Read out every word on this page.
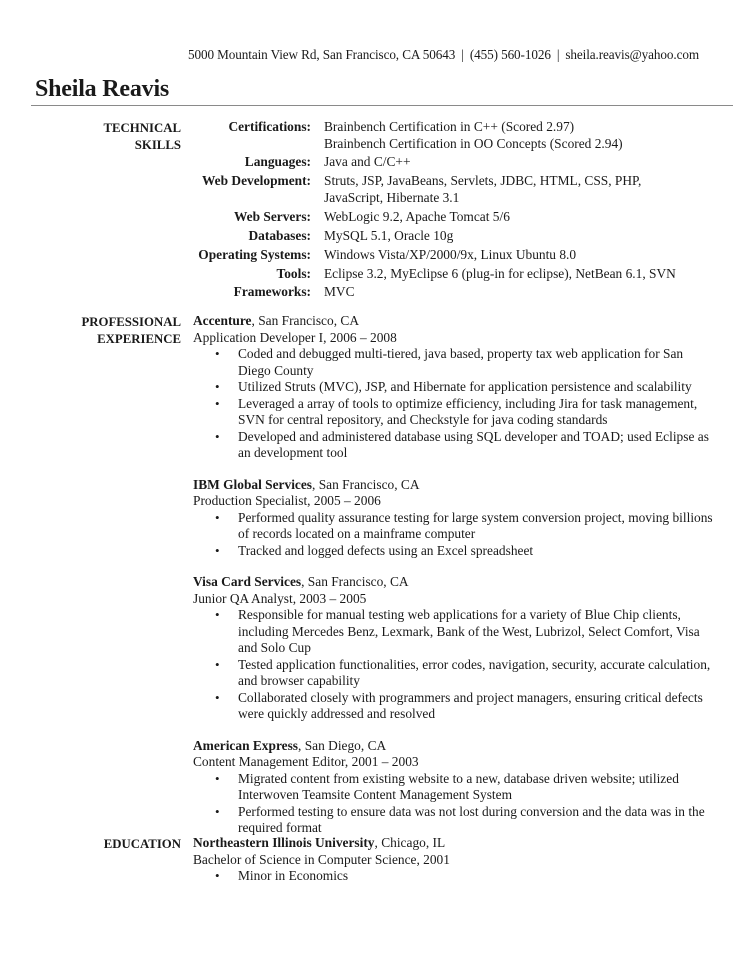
5000 Mountain View Rd, San Francisco, CA 50643 | (455) 560-1026 | sheila.reavis@yahoo.com
Sheila Reavis
TECHNICAL
SKILLS
Certifications: Brainbench Certification in C++ (Scored 2.97)
Brainbench Certification in OO Concepts (Scored 2.94)
Languages: Java and C/C++
Web Development: Struts, JSP, JavaBeans, Servlets, JDBC, HTML, CSS, PHP,
JavaScript, Hibernate 3.1
Web Servers: WebLogic 9.2, Apache Tomcat 5/6
Databases: MySQL 5.1, Oracle 10g
Operating Systems: Windows Vista/XP/2000/9x, Linux Ubuntu 8.0
Tools: Eclipse 3.2, MyEclipse 6 (plug-in for eclipse), NetBean 6.1, SVN
Frameworks: MVC
PROFESSIONAL
EXPERIENCE
Accenture, San Francisco, CA
Application Developer I, 2006 – 2008
• Coded and debugged multi-tiered, java based, property tax web application for San Diego County
• Utilized Struts (MVC), JSP, and Hibernate for application persistence and scalability
• Leveraged a array of tools to optimize efficiency, including Jira for task management, SVN for central repository, and Checkstyle for java coding standards
• Developed and administered database using SQL developer and TOAD; used Eclipse as an development tool
IBM Global Services, San Francisco, CA
Production Specialist, 2005 – 2006
• Performed quality assurance testing for large system conversion project, moving billions of records located on a mainframe computer
• Tracked and logged defects using an Excel spreadsheet
Visa Card Services, San Francisco, CA
Junior QA Analyst, 2003 – 2005
• Responsible for manual testing web applications for a variety of Blue Chip clients, including Mercedes Benz, Lexmark, Bank of the West, Lubrizol, Select Comfort, Visa and Solo Cup
• Tested application functionalities, error codes, navigation, security, accurate calculation, and browser capability
• Collaborated closely with programmers and project managers, ensuring critical defects were quickly addressed and resolved
American Express, San Diego, CA
Content Management Editor, 2001 – 2003
• Migrated content from existing website to a new, database driven website; utilized Interwoven Teamsite Content Management System
• Performed testing to ensure data was not lost during conversion and the data was in the required format
EDUCATION Northeastern Illinois University, Chicago, IL
Bachelor of Science in Computer Science, 2001
• Minor in Economics
